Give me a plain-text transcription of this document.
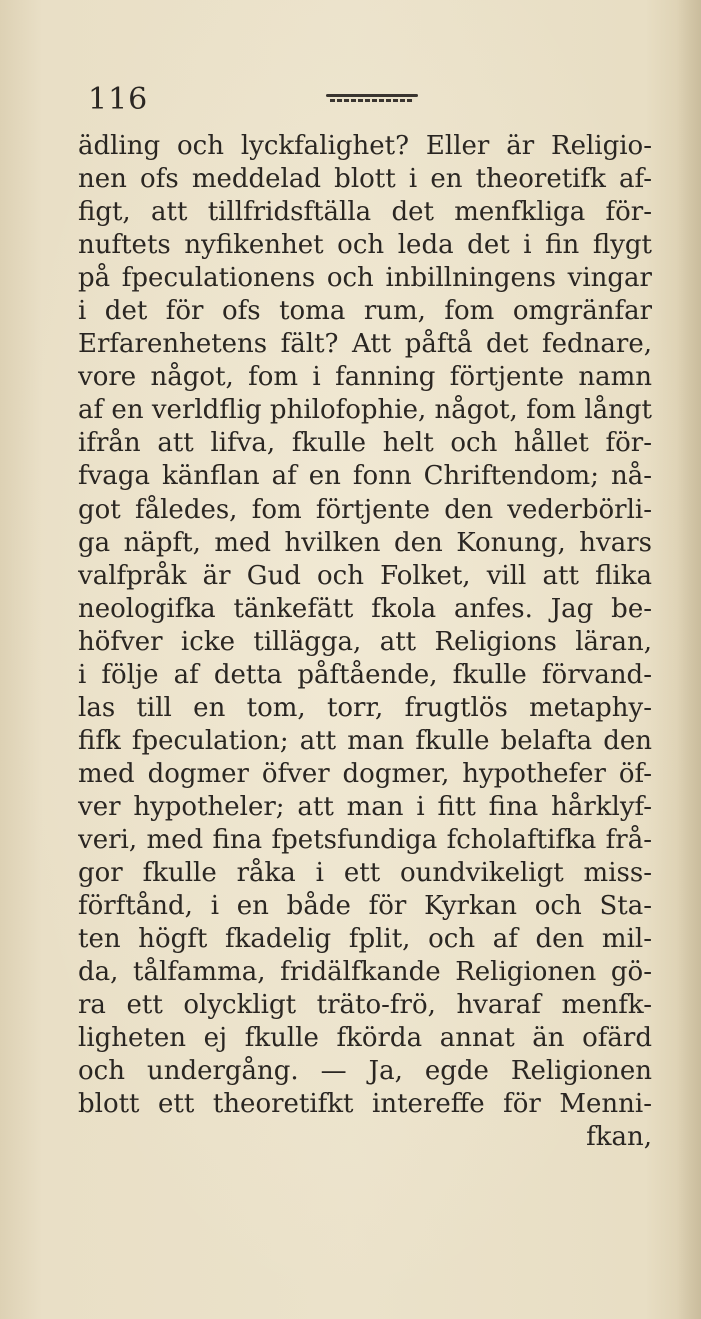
116
ädling och lyckfalighet? Eller är Religio-
nen ofs meddelad blott i en theoretifk af-
figt, att tillfridsftälla det menfkliga för-
nuftets nyfikenhet och leda det i fin flygt
på fpeculationens och inbillningens vingar
i det för ofs toma rum, fom omgränfar
Erfarenhetens fält? Att påftå det fednare,
vore något, fom i fanning förtjente namn
af en verldflig philofophie, något, fom långt
ifrån att lifva, fkulle helt och hållet för-
fvaga känflan af en fonn Chriftendom; nå-
got fåledes, fom förtjente den vederbörli-
ga näpft, med hvilken den Konung, hvars
valfpråk är Gud och Folket, vill att flika
neologifka tänkefätt fkola anfes. Jag be-
höfver icke tillägga, att Religions läran,
i följe af detta påftående, fkulle förvand-
las till en tom, torr, frugtlös metaphy-
fifk fpeculation; att man fkulle belafta den
med dogmer öfver dogmer, hypothefer öf-
ver hypotheler; att man i fitt fina hårklyf-
veri, med fina fpetsfundiga fcholaftifka frå-
gor fkulle råka i ett oundvikeligt miss-
förftånd, i en både för Kyrkan och Sta-
ten högft fkadelig fplit, och af den mil-
da, tålfamma, fridälfkande Religionen gö-
ra ett olyckligt träto-frö, hvaraf menfk-
ligheten ej fkulle fkörda annat än ofärd
och undergång. — Ja, egde Religionen
blott ett theoretifkt intereffe för Menni-
fkan,
